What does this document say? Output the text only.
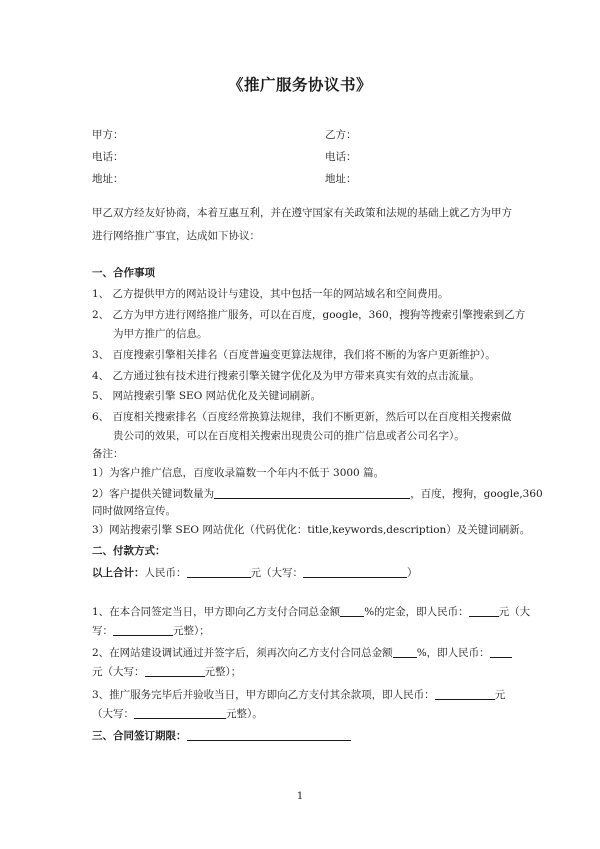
《推广服务协议书》
甲方：	乙方：
电话：	电话：
地址：	地址：
甲乙双方经友好协商，本着互惠互利，并在遵守国家有关政策和法规的基础上就乙方为甲方
进行网络推广事宜，达成如下协议：
一、合作事项
1、 乙方提供甲方的网站设计与建设，其中包括一年的网站域名和空间费用。
2、 乙方为甲方进行网络推广服务，可以在百度，google，360，搜狗等搜索引擎搜索到乙方
为甲方推广的信息。
3、 百度搜索引擎相关排名（百度普遍变更算法规律，我们将不断的为客户更新维护）。
4、 乙方通过独有技术进行搜索引擎关键字优化及为甲方带来真实有效的点击流量。
5、 网站搜索引擎 SEO 网站优化及关键词刷新。
6、 百度相关搜索排名（百度经常换算法规律，我们不断更新，然后可以在百度相关搜索做
贵公司的效果，可以在百度相关搜索出现贵公司的推广信息或者公司名字）。
备注：
1）为客户推广信息，百度收录篇数一个年内不低于 3000 篇。
2）客户提供关键词数量为	，百度，搜狗，google,360
同时做网络宣传。
3）网站搜索引擎 SEO 网站优化（代码优化：title,keywords,description）及关键词刷新。
二、付款方式：
以上合计：人民币：	元（大写：	）
1、在本合同签定当日，甲方即向乙方支付合同总金额 %的定金，即人民币：	元（大
写：	元整）；
2、在网站建设调试通过并签字后，须再次向乙方支付合同总金额 %，即人民币：
元（大写：	元整）；
3、推广服务完毕后并验收当日，甲方即向乙方支付其余款项，即人民币：	元
（大写：	元整）。
三、合同签订期限：
1
